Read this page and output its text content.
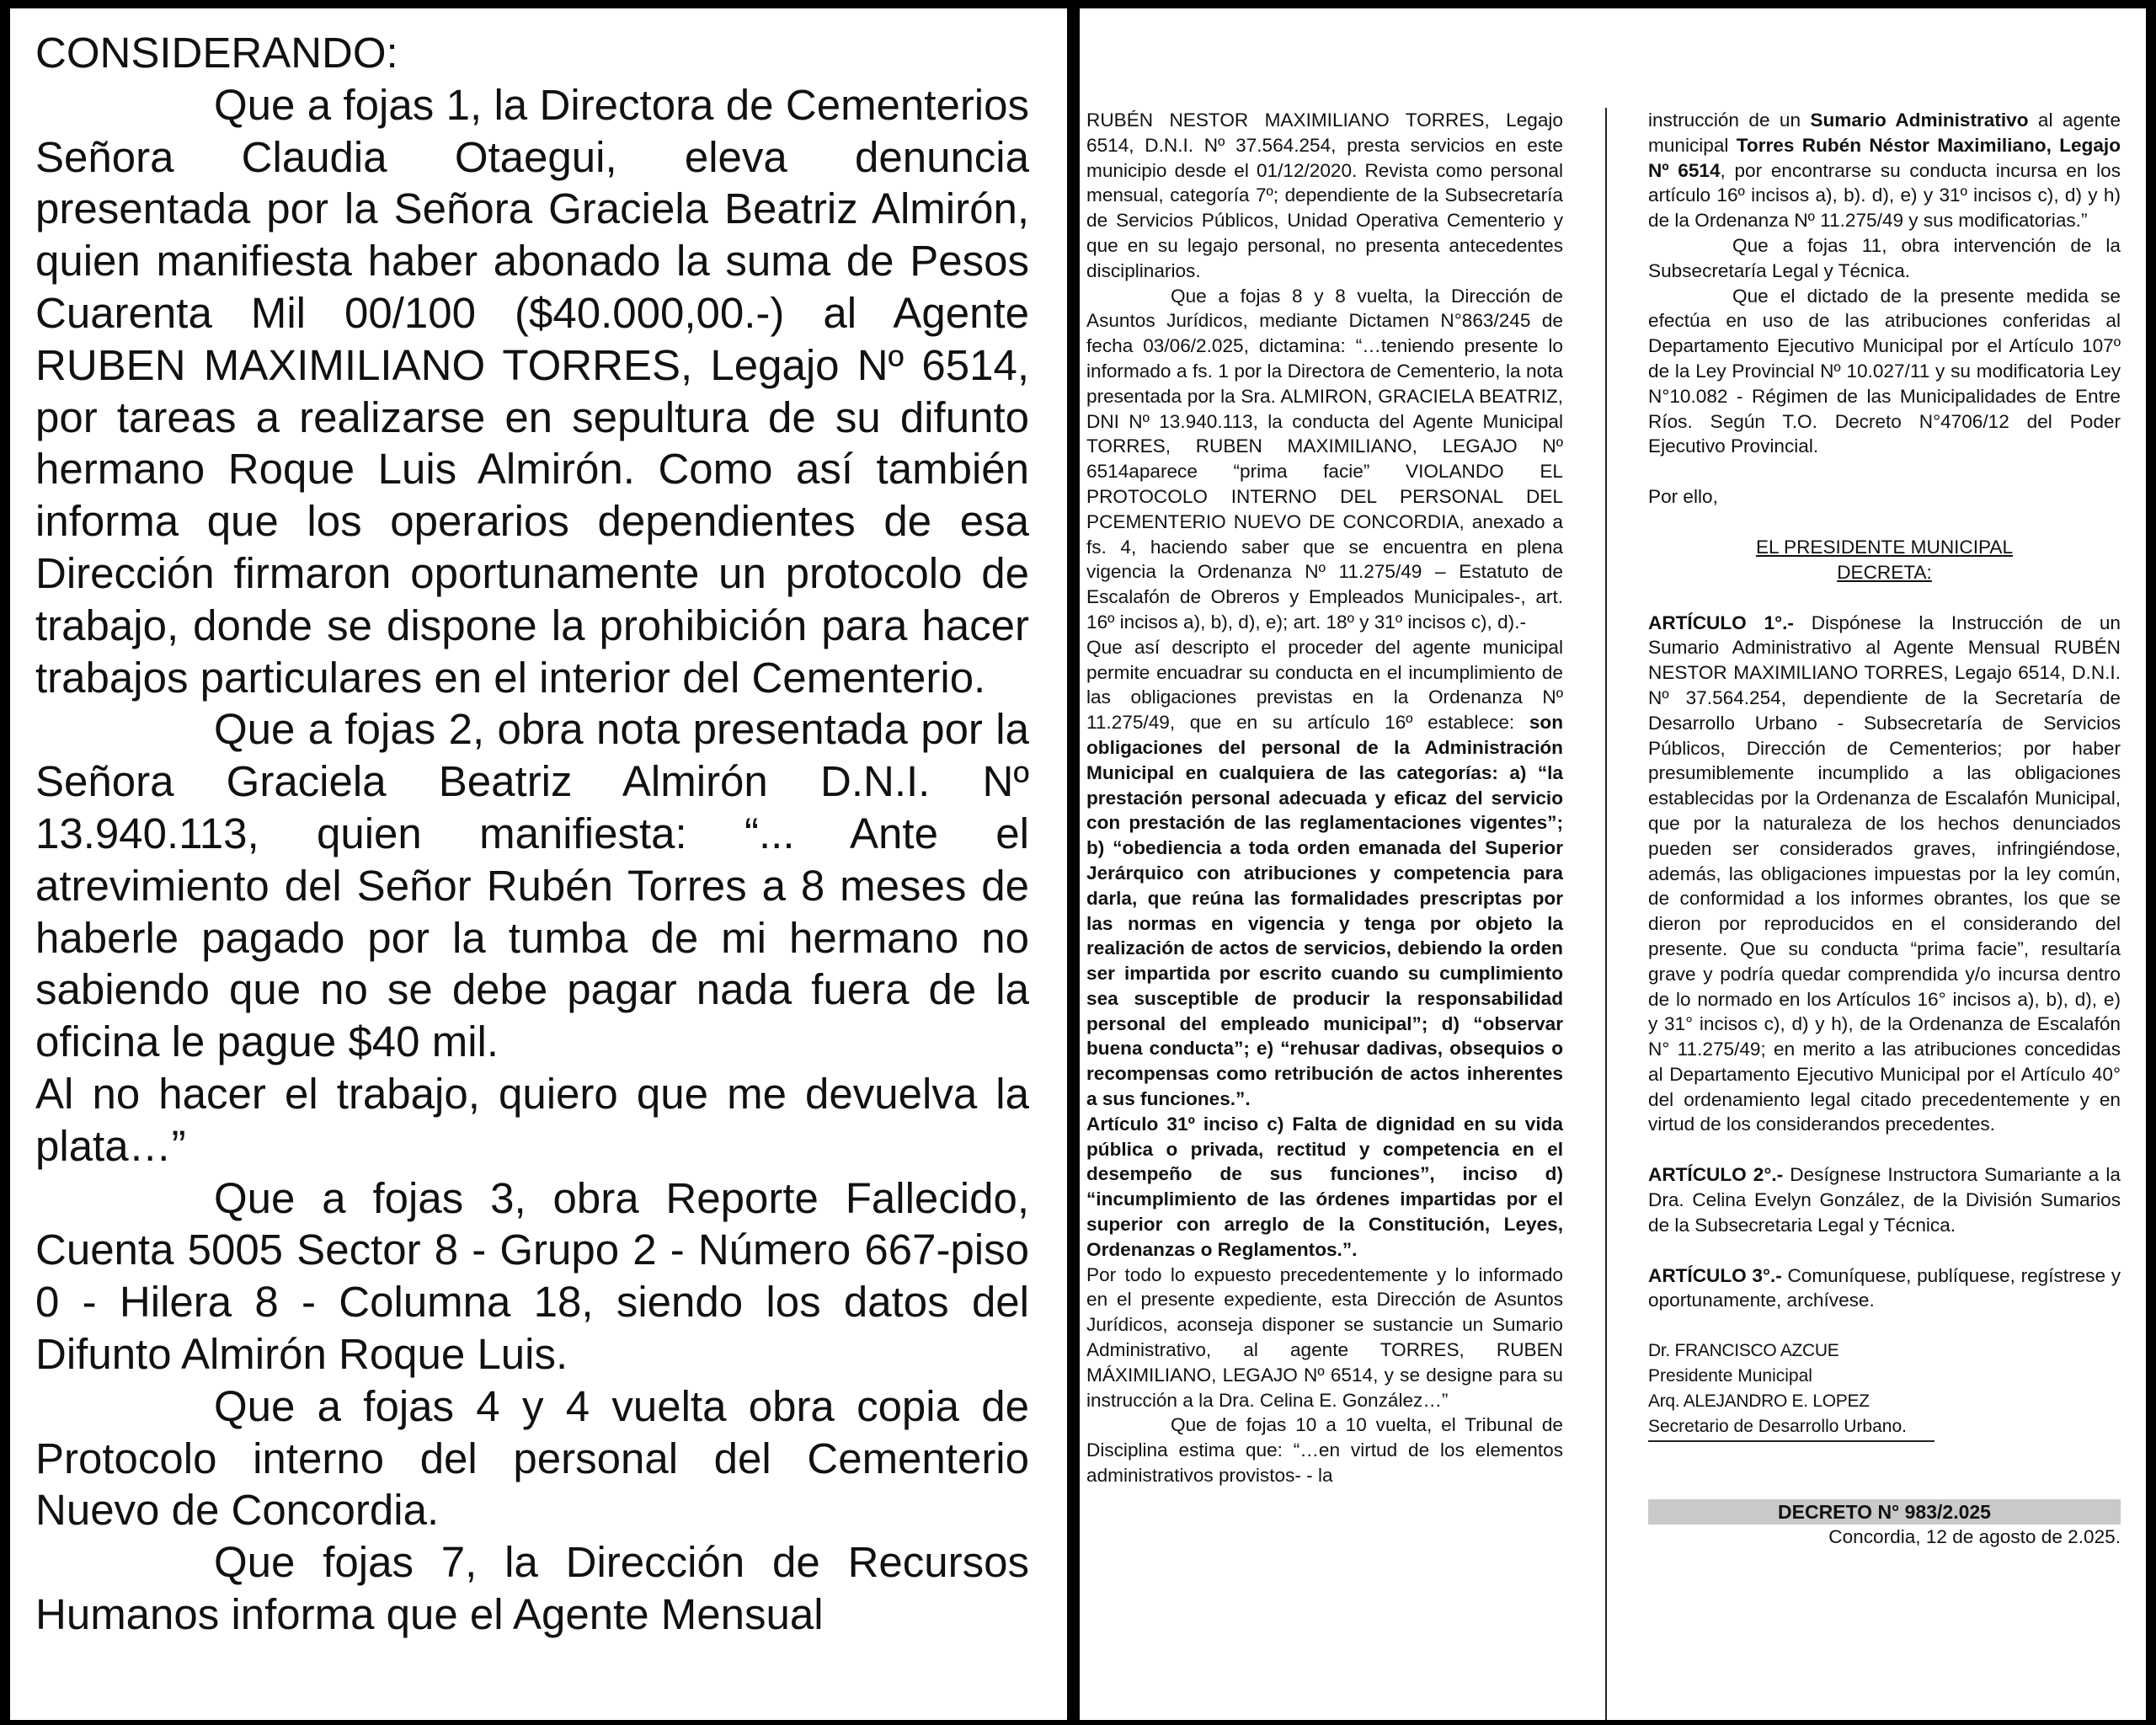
CONSIDERANDO:

Que a fojas 1, la Directora de Cementerios Señora Claudia Otaegui, eleva denuncia presentada por la Señora Graciela Beatriz Almirón, quien manifiesta haber abonado la suma de Pesos Cuarenta Mil 00/100 ($40.000,00.-) al Agente RUBEN MAXIMILIANO TORRES, Legajo Nº 6514, por tareas a realizarse en sepultura de su difunto hermano Roque Luis Almirón. Como así también informa que los operarios dependientes de esa Dirección firmaron oportunamente un protocolo de trabajo, donde se dispone la prohibición para hacer trabajos particulares en el interior del Cementerio.

Que a fojas 2, obra nota presentada por la Señora Graciela Beatriz Almirón D.N.I. Nº 13.940.113, quien manifiesta: “... Ante el atrevimiento del Señor Rubén Torres a 8 meses de haberle pagado por la tumba de mi hermano no sabiendo que no se debe pagar nada fuera de la oficina le pague $40 mil.

Al no hacer el trabajo, quiero que me devuelva la plata…”

Que a fojas 3, obra Reporte Fallecido, Cuenta 5005 Sector 8 - Grupo 2 - Número 667-piso 0 - Hilera 8 - Columna 18, siendo los datos del Difunto Almirón Roque Luis.

Que a fojas 4 y 4 vuelta obra copia de Protocolo interno del personal del Cementerio Nuevo de Concordia.

Que fojas 7, la Dirección de Recursos Humanos informa que el Agente Mensual

RUBÉN NESTOR MAXIMILIANO TORRES, Legajo 6514, D.N.I. Nº 37.564.254, presta servicios en este municipio desde el 01/12/2020. Revista como personal mensual, categoría 7º; dependiente de la Subsecretaría de Servicios Públicos, Unidad Operativa Cementerio y que en su legajo personal, no presenta antecedentes disciplinarios.

Que a fojas 8 y 8 vuelta, la Dirección de Asuntos Jurídicos, mediante Dictamen N°863/245 de fecha 03/06/2.025, dictamina: “…teniendo presente lo informado a fs. 1 por la Directora de Cementerio, la nota presentada por la Sra. ALMIRON, GRACIELA BEATRIZ, DNI Nº 13.940.113, la conducta del Agente Municipal TORRES, RUBEN MAXIMILIANO, LEGAJO Nº 6514aparece “prima facie” VIOLANDO EL PROTOCOLO INTERNO DEL PERSONAL DEL PCEMENTERIO NUEVO DE CONCORDIA, anexado a fs. 4, haciendo saber que se encuentra en plena vigencia la Ordenanza Nº 11.275/49 – Estatuto de Escalafón de Obreros y Empleados Municipales-, art. 16º incisos a), b), d), e); art. 18º y 31º incisos c), d).-

Que así descripto el proceder del agente municipal permite encuadrar su conducta en el incumplimiento de las obligaciones previstas en la Ordenanza Nº 11.275/49, que en su artículo 16º establece: son obligaciones del personal de la Administración Municipal en cualquiera de las categorías: a) “la prestación personal adecuada y eficaz del servicio con prestación de las reglamentaciones vigentes”; b) “obediencia a toda orden emanada del Superior Jerárquico con atribuciones y competencia para darla, que reúna las formalidades prescriptas por las normas en vigencia y tenga por objeto la realización de actos de servicios, debiendo la orden ser impartida por escrito cuando su cumplimiento sea susceptible de producir la responsabilidad personal del empleado municipal”; d) “observar buena conducta”; e) “rehusar dadivas, obsequios o recompensas como retribución de actos inherentes a sus funciones.”.

Artículo 31º inciso c) Falta de dignidad en su vida pública o privada, rectitud y competencia en el desempeño de sus funciones”, inciso d) “incumplimiento de las órdenes impartidas por el superior con arreglo de la Constitución, Leyes, Ordenanzas o Reglamentos.”.

Por todo lo expuesto precedentemente y lo informado en el presente expediente, esta Dirección de Asuntos Jurídicos, aconseja disponer se sustancie un Sumario Administrativo, al agente TORRES, RUBEN MÁXIMILIANO, LEGAJO Nº 6514, y se designe para su instrucción a la Dra. Celina E. González…”

Que de fojas 10 a 10 vuelta, el Tribunal de Disciplina estima que: “…en virtud de los elementos administrativos provistos- - la

instrucción de un Sumario Administrativo al agente municipal Torres Rubén Néstor Maximiliano, Legajo Nº 6514, por encontrarse su conducta incursa en los artículo 16º incisos a), b). d), e) y 31º incisos c), d) y h) de la Ordenanza Nº 11.275/49 y sus modificatorias.”

Que a fojas 11, obra intervención de la Subsecretaría Legal y Técnica.

Que el dictado de la presente medida se efectúa en uso de las atribuciones conferidas al Departamento Ejecutivo Municipal por el Artículo 107º de la Ley Provincial Nº 10.027/11 y su modificatoria Ley N°10.082 - Régimen de las Municipalidades de Entre Ríos. Según T.O. Decreto N°4706/12 del Poder Ejecutivo Provincial.

Por ello,

EL PRESIDENTE MUNICIPAL

DECRETA:

ARTÍCULO 1°.- Dispónese la Instrucción de un Sumario Administrativo al Agente Mensual RUBÉN NESTOR MAXIMILIANO TORRES, Legajo 6514, D.N.I. Nº 37.564.254, dependiente de la Secretaría de Desarrollo Urbano - Subsecretaría de Servicios Públicos, Dirección de Cementerios; por haber presumiblemente incumplido a las obligaciones establecidas por la Ordenanza de Escalafón Municipal, que por la naturaleza de los hechos denunciados pueden ser considerados graves, infringiéndose, además, las obligaciones impuestas por la ley común, de conformidad a los informes obrantes, los que se dieron por reproducidos en el considerando del presente. Que su conducta “prima facie”, resultaría grave y podría quedar comprendida y/o incursa dentro de lo normado en los Artículos 16° incisos a), b), d), e) y 31° incisos c), d) y h), de la Ordenanza de Escalafón N° 11.275/49; en merito a las atribuciones concedidas al Departamento Ejecutivo Municipal por el Artículo 40° del ordenamiento legal citado precedentemente y en virtud de los considerandos precedentes.

ARTÍCULO 2°.- Desígnese Instructora Sumariante a la Dra. Celina Evelyn González, de la División Sumarios de la Subsecretaria Legal y Técnica.

ARTÍCULO 3°.- Comuníquese, publíquese, regístrese y oportunamente, archívese.

Dr. FRANCISCO AZCUE

Presidente Municipal

Arq. ALEJANDRO E. LOPEZ

Secretario de Desarrollo Urbano.

DECRETO N° 983/2.025
Concordia, 12 de agosto de 2.025.
